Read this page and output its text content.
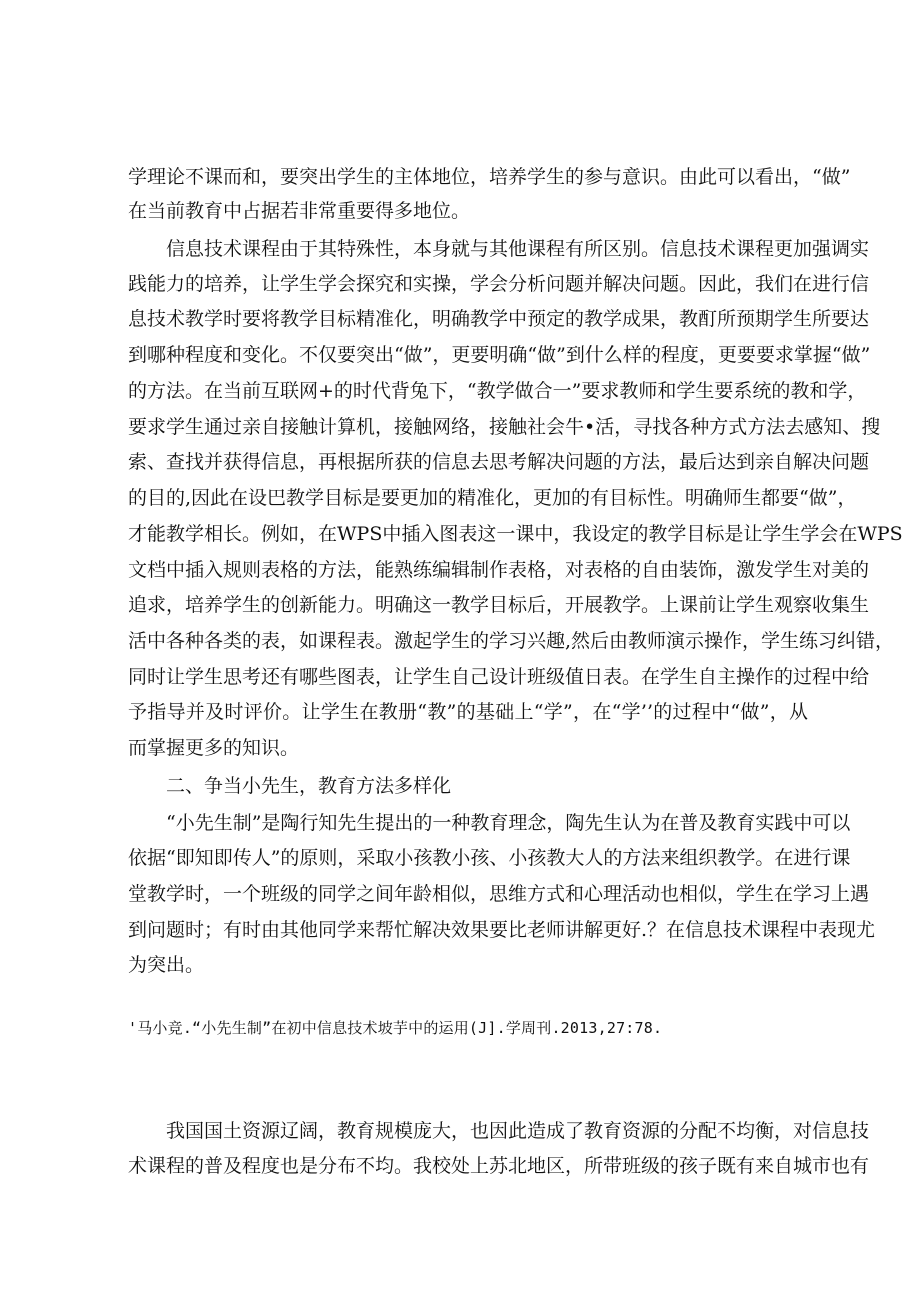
学理论不课而和，要突出学生的主体地位，培养学生的参与意识。由此可以看出，“做”
在当前教育中占据若非常重要得多地位。
信息技术课程由于其特殊性，本身就与其他课程有所区别。信息技术课程更加强调实
践能力的培养，让学生学会探究和实操，学会分析问题并解决问题。因此，我们在进行信
息技术教学时要将教学目标精准化，明确教学中预定的教学成果，教酊所预期学生所要达
到哪种程度和变化。不仅要突出“做”，更要明确“做”到什么样的程度，更要要求掌握“做”
的方法。在当前互联网+的时代背兔下，“教学做合一”要求教师和学生要系统的教和学，
要求学生通过亲自接触计算机，接触网络，接触社会牛•活，寻找各种方式方法去感知、搜
索、查找并获得信息，再根据所获的信息去思考解决问题的方法，最后达到亲自解决问题
的目的,因此在设巴教学目标是要更加的精准化，更加的有目标性。明确师生都要“做”，
才能教学相长。例如，在WPS中插入图表这一课中，我设定的教学目标是让学生学会在WPS
文档中插入规则表格的方法，能熟练编辑制作表格，对表格的自由装饰，激发学生对美的
追求，培养学生的创新能力。明确这一教学目标后，开展教学。上课前让学生观察收集生
活中各种各类的表，如课程表。激起学生的学习兴趣,然后由教师演示操作，学生练习纠错，
同时让学生思考还有哪些图表，让学生自己设计班级值日表。在学生自主操作的过程中给
予指导并及时评价。让学生在教册“教”的基础上“学”，在“学’’的过程中“做”，从
而掌握更多的知识。
二、争当小先生，教育方法多样化
“小先生制”是陶行知先生提出的一种教育理念，陶先生认为在普及教育实践中可以
依据“即知即传人”的原则，采取小孩教小孩、小孩教大人的方法来组织教学。在进行课
堂教学时，一个班级的同学之间年龄相似，思维方式和心理活动也相似，学生在学习上遇
到问题时；有时由其他同学来帮忙解决效果要比老师讲解更好.？在信息技术课程中表现尤
为突出。
'马小竞.“小先生制”在初中信息技术坡芋中的运用(J].学周刊.2013,27:78.
我国国土资源辽阔，教育规模庞大，也因此造成了教育资源的分配不均衡，对信息技
术课程的普及程度也是分布不均。我校处上苏北地区，所带班级的孩子既有来自城市也有
